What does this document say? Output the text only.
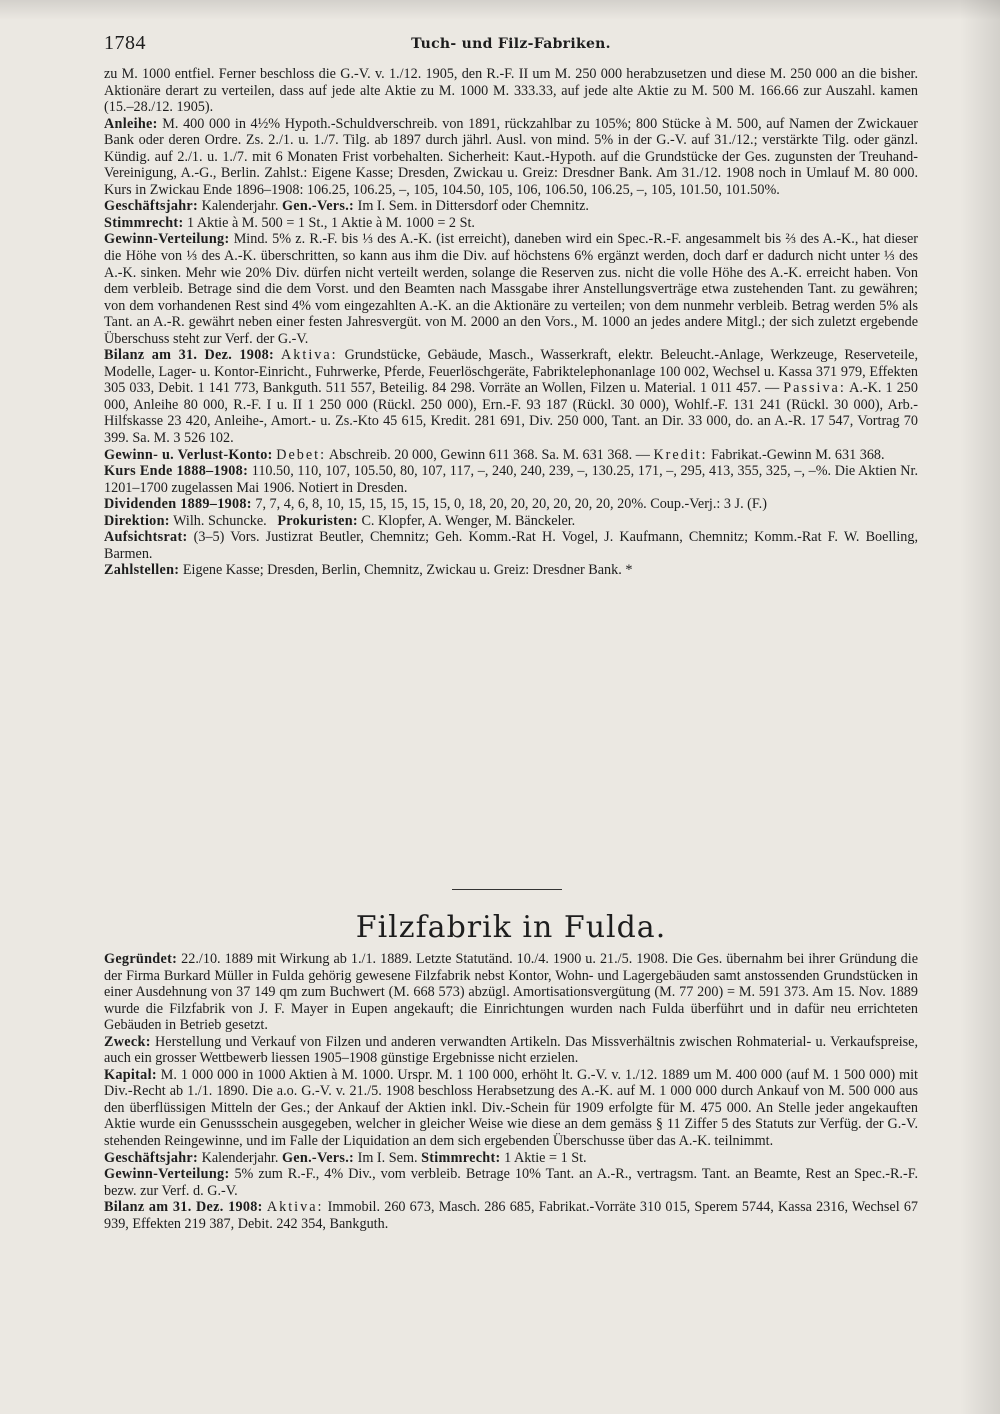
1784	Tuch- und Filz-Fabriken.

zu M. 1000 entfiel. Ferner beschloss die G.-V. v. 1./12. 1905, den R.-F. II um M. 250 000 herabzusetzen und diese M. 250 000 an die bisher. Aktionäre derart zu verteilen, dass auf jede alte Aktie zu M. 1000 M. 333.33, auf jede alte Aktie zu M. 500 M. 166.66 zur Auszahl. kamen (15.–28./12. 1905).

Anleihe: M. 400 000 in 4½% Hypoth.-Schuldverschreib. von 1891, rückzahlbar zu 105%; 800 Stücke à M. 500, auf Namen der Zwickauer Bank oder deren Ordre. Zs. 2./1. u. 1./7. Tilg. ab 1897 durch jährl. Ausl. von mind. 5% in der G.-V. auf 31./12.; verstärkte Tilg. oder gänzl. Kündig. auf 2./1. u. 1./7. mit 6 Monaten Frist vorbehalten. Sicherheit: Kaut.-Hypoth. auf die Grundstücke der Ges. zugunsten der Treuhand-Vereinigung, A.-G., Berlin. Zahlst.: Eigene Kasse; Dresden, Zwickau u. Greiz: Dresdner Bank. Am 31./12. 1908 noch in Umlauf M. 80 000. Kurs in Zwickau Ende 1896–1908: 106.25, 106.25, –, 105, 104.50, 105, 106, 106.50, 106.25, –, 105, 101.50, 101.50%.

Geschäftsjahr: Kalenderjahr. Gen.-Vers.: Im I. Sem. in Dittersdorf oder Chemnitz.

Stimmrecht: 1 Aktie à M. 500 = 1 St., 1 Aktie à M. 1000 = 2 St.

Gewinn-Verteilung: Mind. 5% z. R.-F. bis ⅓ des A.-K. (ist erreicht), daneben wird ein Spec.-R.-F. angesammelt bis ⅔ des A.-K., hat dieser die Höhe von ⅓ des A.-K. überschritten, so kann aus ihm die Div. auf höchstens 6% ergänzt werden, doch darf er dadurch nicht unter ⅓ des A.-K. sinken. Mehr wie 20% Div. dürfen nicht verteilt werden, solange die Reserven zus. nicht die volle Höhe des A.-K. erreicht haben. Von dem verbleib. Betrage sind die dem Vorst. und den Beamten nach Massgabe ihrer Anstellungsverträge etwa zustehenden Tant. zu gewähren; von dem vorhandenen Rest sind 4% vom eingezahlten A.-K. an die Aktionäre zu verteilen; von dem nunmehr verbleib. Betrag werden 5% als Tant. an A.-R. gewährt neben einer festen Jahresvergüt. von M. 2000 an den Vors., M. 1000 an jedes andere Mitgl.; der sich zuletzt ergebende Überschuss steht zur Verf. der G.-V.

Bilanz am 31. Dez. 1908: Aktiva: Grundstücke, Gebäude, Masch., Wasserkraft, elektr. Beleucht.-Anlage, Werkzeuge, Reserveteile, Modelle, Lager- u. Kontor-Einricht., Fuhrwerke, Pferde, Feuerlöschgeräte, Fabriktelephonanlage 100 002, Wechsel u. Kassa 371 979, Effekten 305 033, Debit. 1 141 773, Bankguth. 511 557, Beteilig. 84 298. Vorräte an Wollen, Filzen u. Material. 1 011 457. — Passiva: A.-K. 1 250 000, Anleihe 80 000, R.-F. I u. II 1 250 000 (Rückl. 250 000), Ern.-F. 93 187 (Rückl. 30 000), Wohlf.-F. 131 241 (Rückl. 30 000), Arb.-Hilfskasse 23 420, Anleihe-, Amort.- u. Zs.-Kto 45 615, Kredit. 281 691, Div. 250 000, Tant. an Dir. 33 000, do. an A.-R. 17 547, Vortrag 70 399. Sa. M. 3 526 102.

Gewinn- u. Verlust-Konto: Debet: Abschreib. 20 000, Gewinn 611 368. Sa. M. 631 368. — Kredit: Fabrikat.-Gewinn M. 631 368.

Kurs Ende 1888–1908: 110.50, 110, 107, 105.50, 80, 107, 117, –, 240, 240, 239, –, 130.25, 171, –, 295, 413, 355, 325, –, –%. Die Aktien Nr. 1201–1700 zugelassen Mai 1906. Notiert in Dresden.

Dividenden 1889–1908: 7, 7, 4, 6, 8, 10, 15, 15, 15, 15, 15, 0, 18, 20, 20, 20, 20, 20, 20, 20%. Coup.-Verj.: 3 J. (F.)

Direktion: Wilh. Schuncke. Prokuristen: C. Klopfer, A. Wenger, M. Bänckeler.

Aufsichtsrat: (3–5) Vors. Justizrat Beutler, Chemnitz; Geh. Komm.-Rat H. Vogel, J. Kaufmann, Chemnitz; Komm.-Rat F. W. Boelling, Barmen.

Zahlstellen: Eigene Kasse; Dresden, Berlin, Chemnitz, Zwickau u. Greiz: Dresdner Bank. *

Filzfabrik in Fulda.

Gegründet: 22./10. 1889 mit Wirkung ab 1./1. 1889. Letzte Statutänd. 10./4. 1900 u. 21./5. 1908. Die Ges. übernahm bei ihrer Gründung die der Firma Burkard Müller in Fulda gehörig gewesene Filzfabrik nebst Kontor, Wohn- und Lagergebäuden samt anstossenden Grundstücken in einer Ausdehnung von 37 149 qm zum Buchwert (M. 668 573) abzügl. Amortisationsvergütung (M. 77 200) = M. 591 373. Am 15. Nov. 1889 wurde die Filzfabrik von J. F. Mayer in Eupen angekauft; die Einrichtungen wurden nach Fulda überführt und in dafür neu errichteten Gebäuden in Betrieb gesetzt.

Zweck: Herstellung und Verkauf von Filzen und anderen verwandten Artikeln. Das Missverhältnis zwischen Rohmaterial- u. Verkaufspreise, auch ein grosser Wettbewerb liessen 1905–1908 günstige Ergebnisse nicht erzielen.

Kapital: M. 1 000 000 in 1000 Aktien à M. 1000. Urspr. M. 1 100 000, erhöht lt. G.-V. v. 1./12. 1889 um M. 400 000 (auf M. 1 500 000) mit Div.-Recht ab 1./1. 1890. Die a.o. G.-V. v. 21./5. 1908 beschloss Herabsetzung des A.-K. auf M. 1 000 000 durch Ankauf von M. 500 000 aus den überflüssigen Mitteln der Ges.; der Ankauf der Aktien inkl. Div.-Schein für 1909 erfolgte für M. 475 000. An Stelle jeder angekauften Aktie wurde ein Genussschein ausgegeben, welcher in gleicher Weise wie diese an dem gemäss § 11 Ziffer 5 des Statuts zur Verfüg. der G.-V. stehenden Reingewinne, und im Falle der Liquidation an dem sich ergebenden Überschusse über das A.-K. teilnimmt.

Geschäftsjahr: Kalenderjahr. Gen.-Vers.: Im I. Sem. Stimmrecht: 1 Aktie = 1 St.

Gewinn-Verteilung: 5% zum R.-F., 4% Div., vom verbleib. Betrage 10% Tant. an A.-R., vertragsm. Tant. an Beamte, Rest an Spec.-R.-F. bezw. zur Verf. d. G.-V.

Bilanz am 31. Dez. 1908: Aktiva: Immobil. 260 673, Masch. 286 685, Fabrikat.-Vorräte 310 015, Sperem 5744, Kassa 2316, Wechsel 67 939, Effekten 219 387, Debit. 242 354, Bankguth.
